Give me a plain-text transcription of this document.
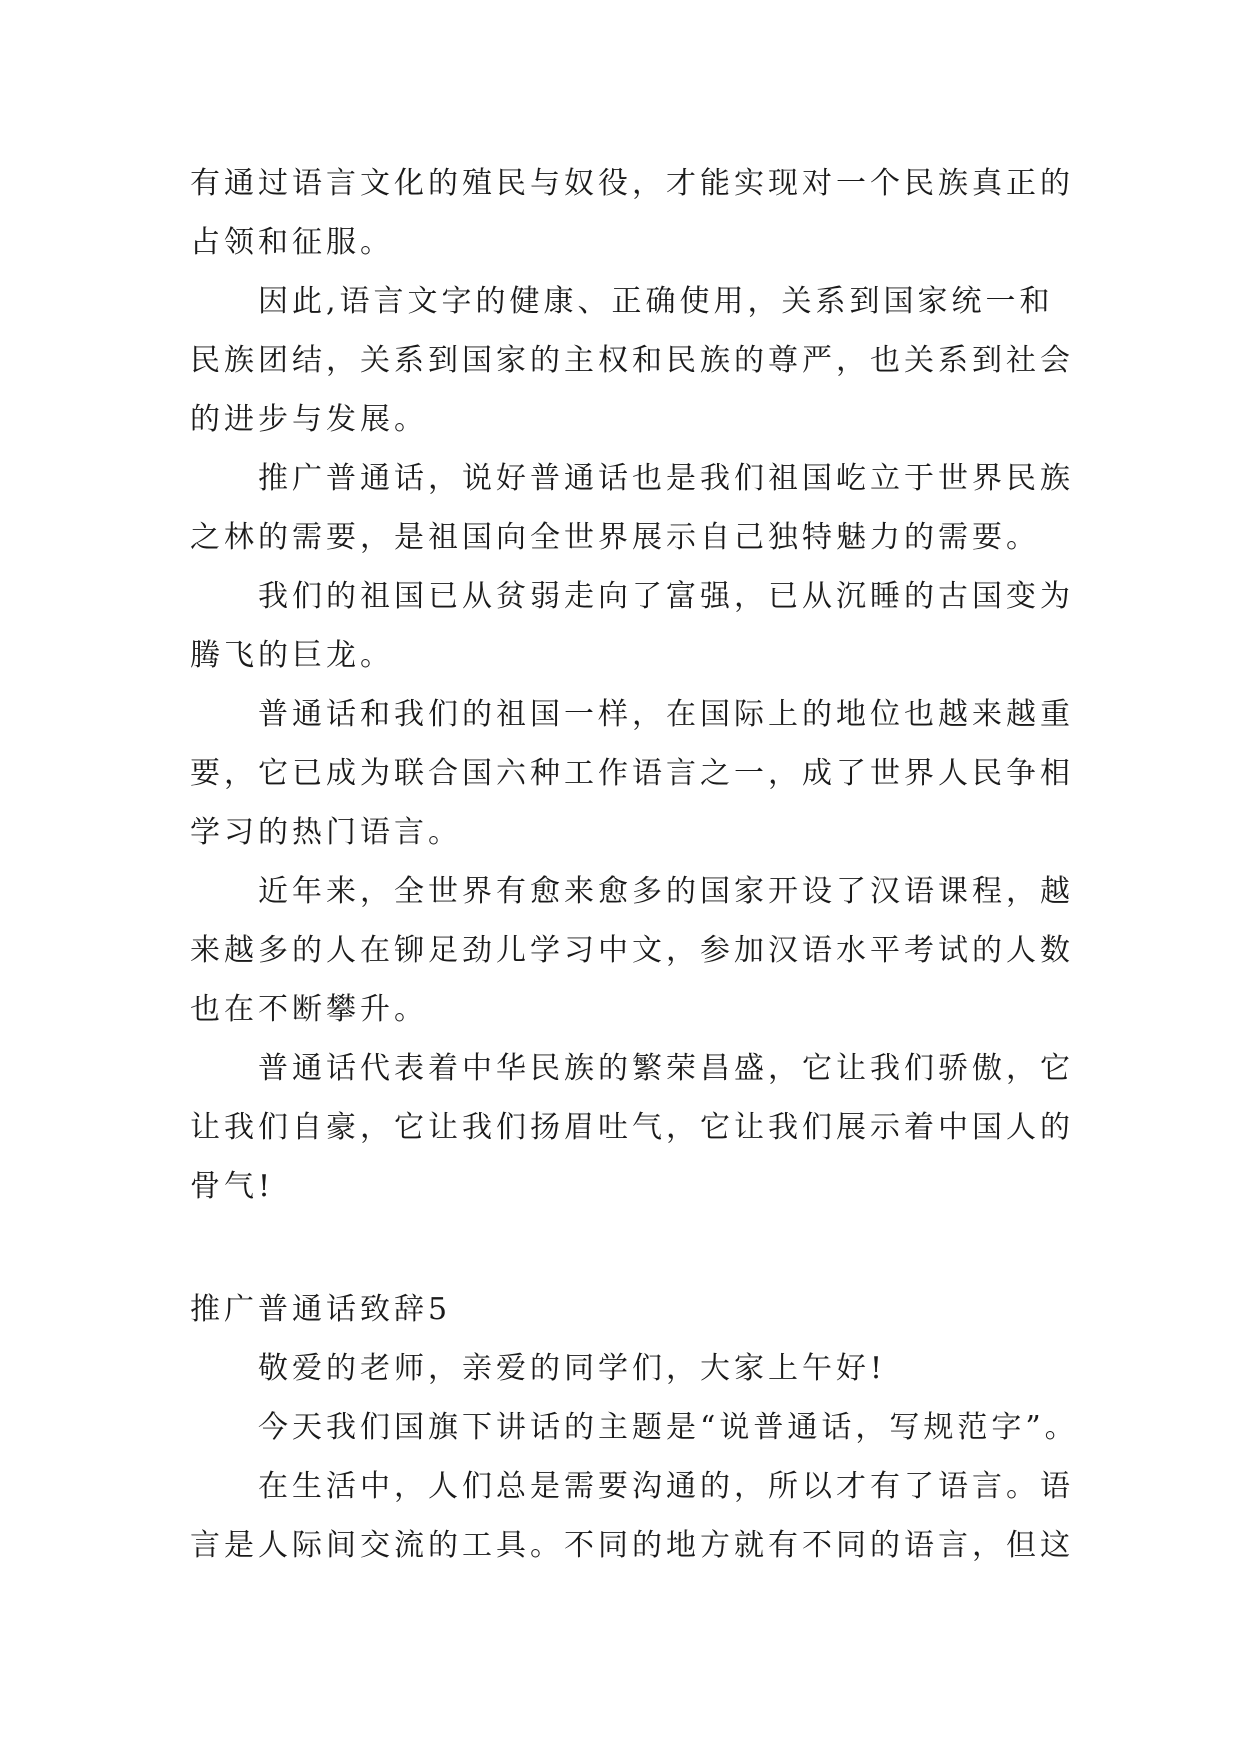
有通过语言文化的殖民与奴役，才能实现对一个民族真正的
占领和征服。
因此,语言文字的健康、正确使用，关系到国家统一和
民族团结，关系到国家的主权和民族的尊严，也关系到社会
的进步与发展。
推广普通话，说好普通话也是我们祖国屹立于世界民族
之林的需要，是祖国向全世界展示自己独特魅力的需要。
我们的祖国已从贫弱走向了富强，已从沉睡的古国变为
腾飞的巨龙。
普通话和我们的祖国一样，在国际上的地位也越来越重
要，它已成为联合国六种工作语言之一，成了世界人民争相
学习的热门语言。
近年来，全世界有愈来愈多的国家开设了汉语课程，越
来越多的人在铆足劲儿学习中文，参加汉语水平考试的人数
也在不断攀升。
普通话代表着中华民族的繁荣昌盛，它让我们骄傲，它
让我们自豪，它让我们扬眉吐气，它让我们展示着中国人的
骨气!
推广普通话致辞5
敬爱的老师，亲爱的同学们，大家上午好!
今天我们国旗下讲话的主题是“说普通话，写规范字”。
在生活中，人们总是需要沟通的，所以才有了语言。语
言是人际间交流的工具。不同的地方就有不同的语言，但这
